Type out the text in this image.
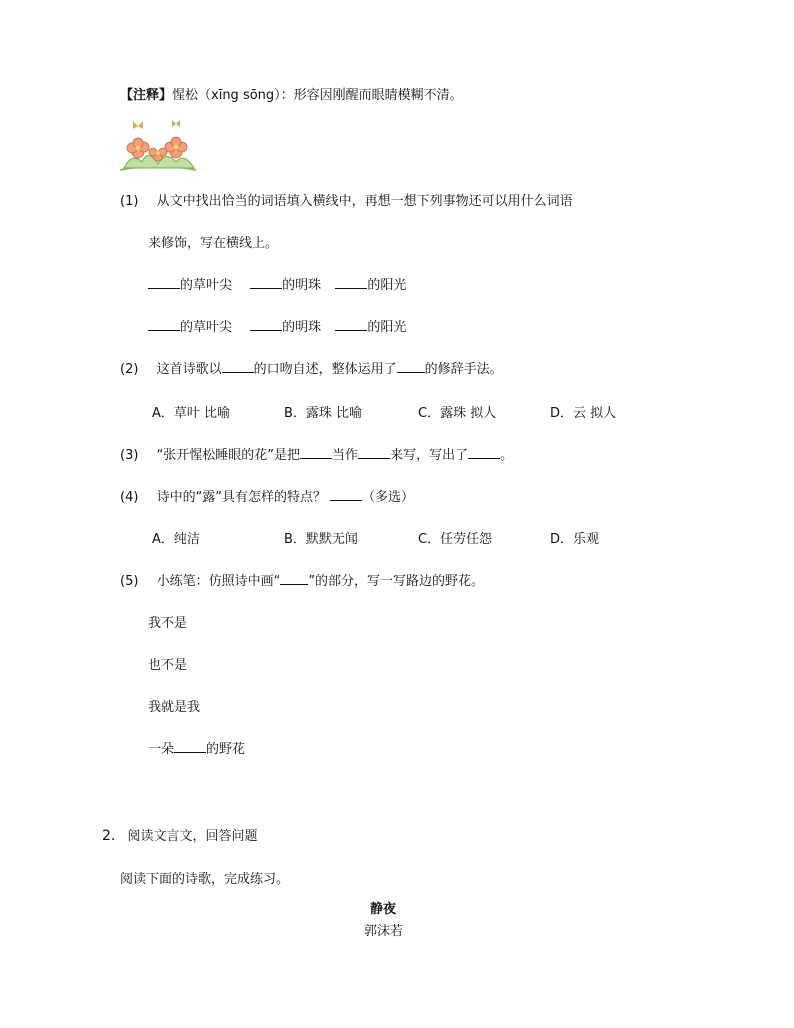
【注释】惺松（xīng sōng）：形容因刚醒而眼睛模糊不清。
(1) 从文中找出恰当的词语填入横线中，再想一想下列事物还可以用什么词语
来修饰，写在横线上。
的草叶尖	的明珠	的阳光
的草叶尖	的明珠	的阳光
(2) 这首诗歌以 的口吻自述，整体运用了 的修辞手法。
A．草叶 比喻	B．露珠 比喻	C．露珠 拟人	D．云 拟人
(3) “张开惺松睡眼的花”是把 当作 来写，写出了 。
(4) 诗中的“露”具有怎样的特点？	（多选）
A．纯洁	B．默默无闻	C．任劳任怨	D．乐观
(5) 小练笔：仿照诗中画“ ”的部分，写一写路边的野花。
我不是
也不是
我就是我
一朵 的野花
2. 阅读文言文，回答问题
阅读下面的诗歌，完成练习。
静夜
郭沫若
